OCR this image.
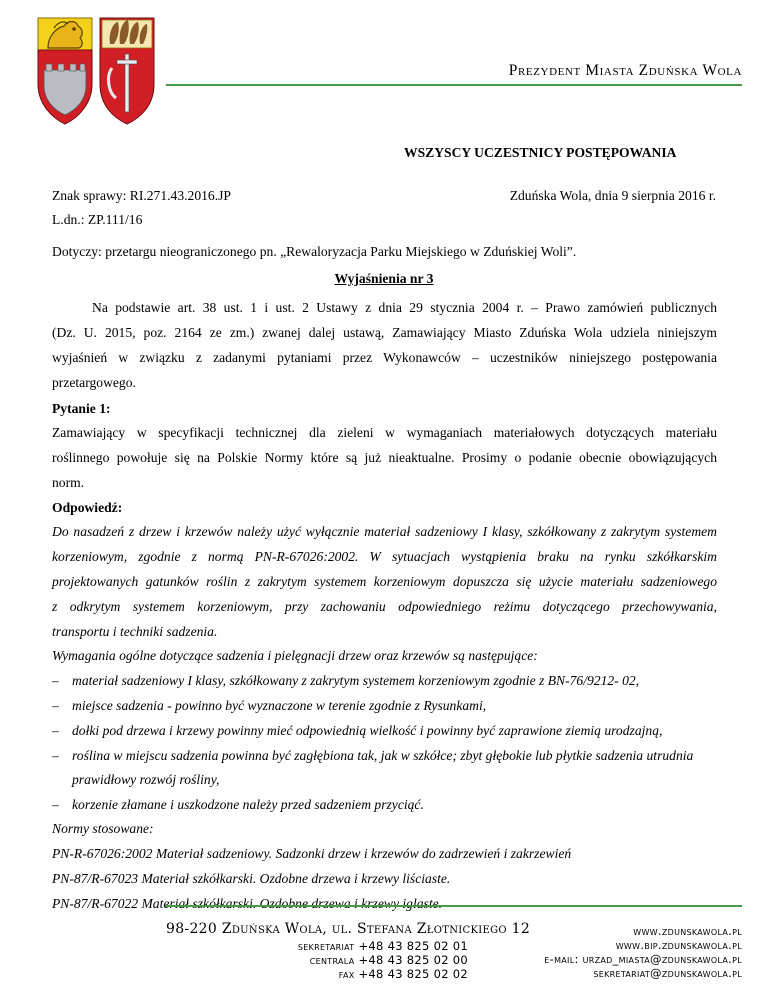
Prezydent Miasta Zduńska Wola
WSZYSCY UCZESTNICY POSTĘPOWANIA
Znak sprawy: RI.271.43.2016.JP	Zduńska Wola, dnia 9 sierpnia 2016 r.
L.dn.: ZP.111/16
Dotyczy: przetargu nieograniczonego pn. „Rewaloryzacja Parku Miejskiego w Zduńskiej Woli”.
Wyjaśnienia nr 3
Na podstawie art. 38 ust. 1 i ust. 2 Ustawy z dnia 29 stycznia 2004 r. – Prawo zamówień publicznych
(Dz. U. 2015, poz. 2164 ze zm.) zwanej dalej ustawą, Zamawiający Miasto Zduńska Wola udziela niniejszym
wyjaśnień w związku z zadanymi pytaniami przez Wykonawców – uczestników niniejszego postępowania
przetargowego.
Pytanie 1:
Zamawiający w specyfikacji technicznej dla zieleni w wymaganiach materiałowych dotyczących materiału
roślinnego powołuje się na Polskie Normy które są już nieaktualne. Prosimy o podanie obecnie obowiązujących
norm.
Odpowiedź:
Do nasadzeń z drzew i krzewów należy użyć wyłącznie materiał sadzeniowy I klasy, szkółkowany z zakrytym systemem
korzeniowym, zgodnie z normą PN-R-67026:2002. W sytuacjach wystąpienia braku na rynku szkółkarskim
projektowanych gatunków roślin z zakrytym systemem korzeniowym dopuszcza się użycie materiału sadzeniowego
z odkrytym systemem korzeniowym, przy zachowaniu odpowiedniego reżimu dotyczącego przechowywania,
transportu i techniki sadzenia.
Wymagania ogólne dotyczące sadzenia i pielęgnacji drzew oraz krzewów są następujące:
– materiał sadzeniowy I klasy, szkółkowany z zakrytym systemem korzeniowym zgodnie z BN-76/9212- 02,
– miejsce sadzenia - powinno być wyznaczone w terenie zgodnie z Rysunkami,
– dołki pod drzewa i krzewy powinny mieć odpowiednią wielkość i powinny być zaprawione ziemią urodzajną,
– roślina w miejscu sadzenia powinna być zagłębiona tak, jak w szkółce; zbyt głębokie lub płytkie sadzenia utrudnia
prawidłowy rozwój rośliny,
– korzenie złamane i uszkodzone należy przed sadzeniem przyciąć.
Normy stosowane:
PN-R-67026:2002 Materiał sadzeniowy. Sadzonki drzew i krzewów do zadrzewień i zakrzewień
PN-87/R-67023 Materiał szkółkarski. Ozdobne drzewa i krzewy liściaste.
PN-87/R-67022 Materiał szkółkarski. Ozdobne drzewa i krzewy iglaste.
98-220 Zduńska Wola, ul. Stefana Złotnickiego 12
sekretariat +48 43 825 02 01
centrala +48 43 825 02 00
fax +48 43 825 02 02
www.zdunskawola.pl
www.bip.zdunskawola.pl
e-mail: urzad_miasta@zdunskawola.pl
sekretariat@zdunskawola.pl
